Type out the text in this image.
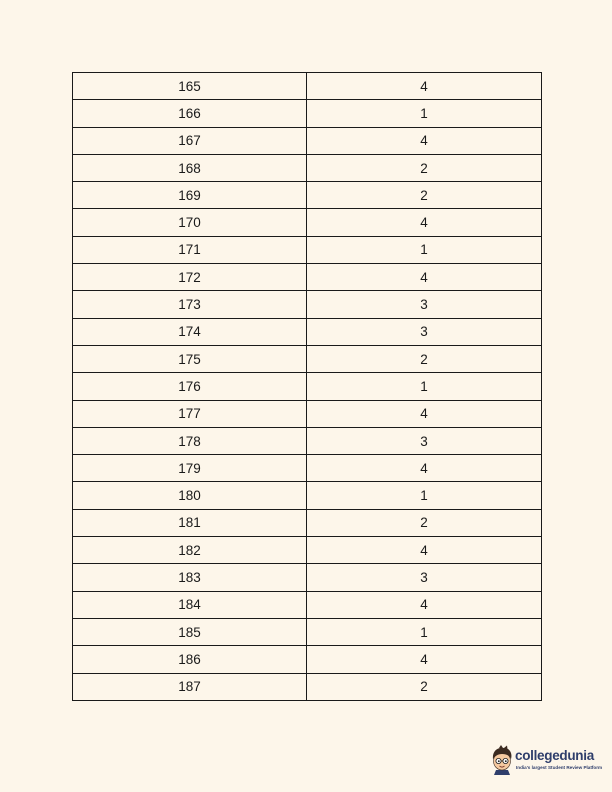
165	4
166	1
167	4
168	2
169	2
170	4
171	1
172	4
173	3
174	3
175	2
176	1
177	4
178	3
179	4
180	1
181	2
182	4
183	3
184	4
185	1
186	4
187	2
collegedunia
India's largest Student Review Platform
